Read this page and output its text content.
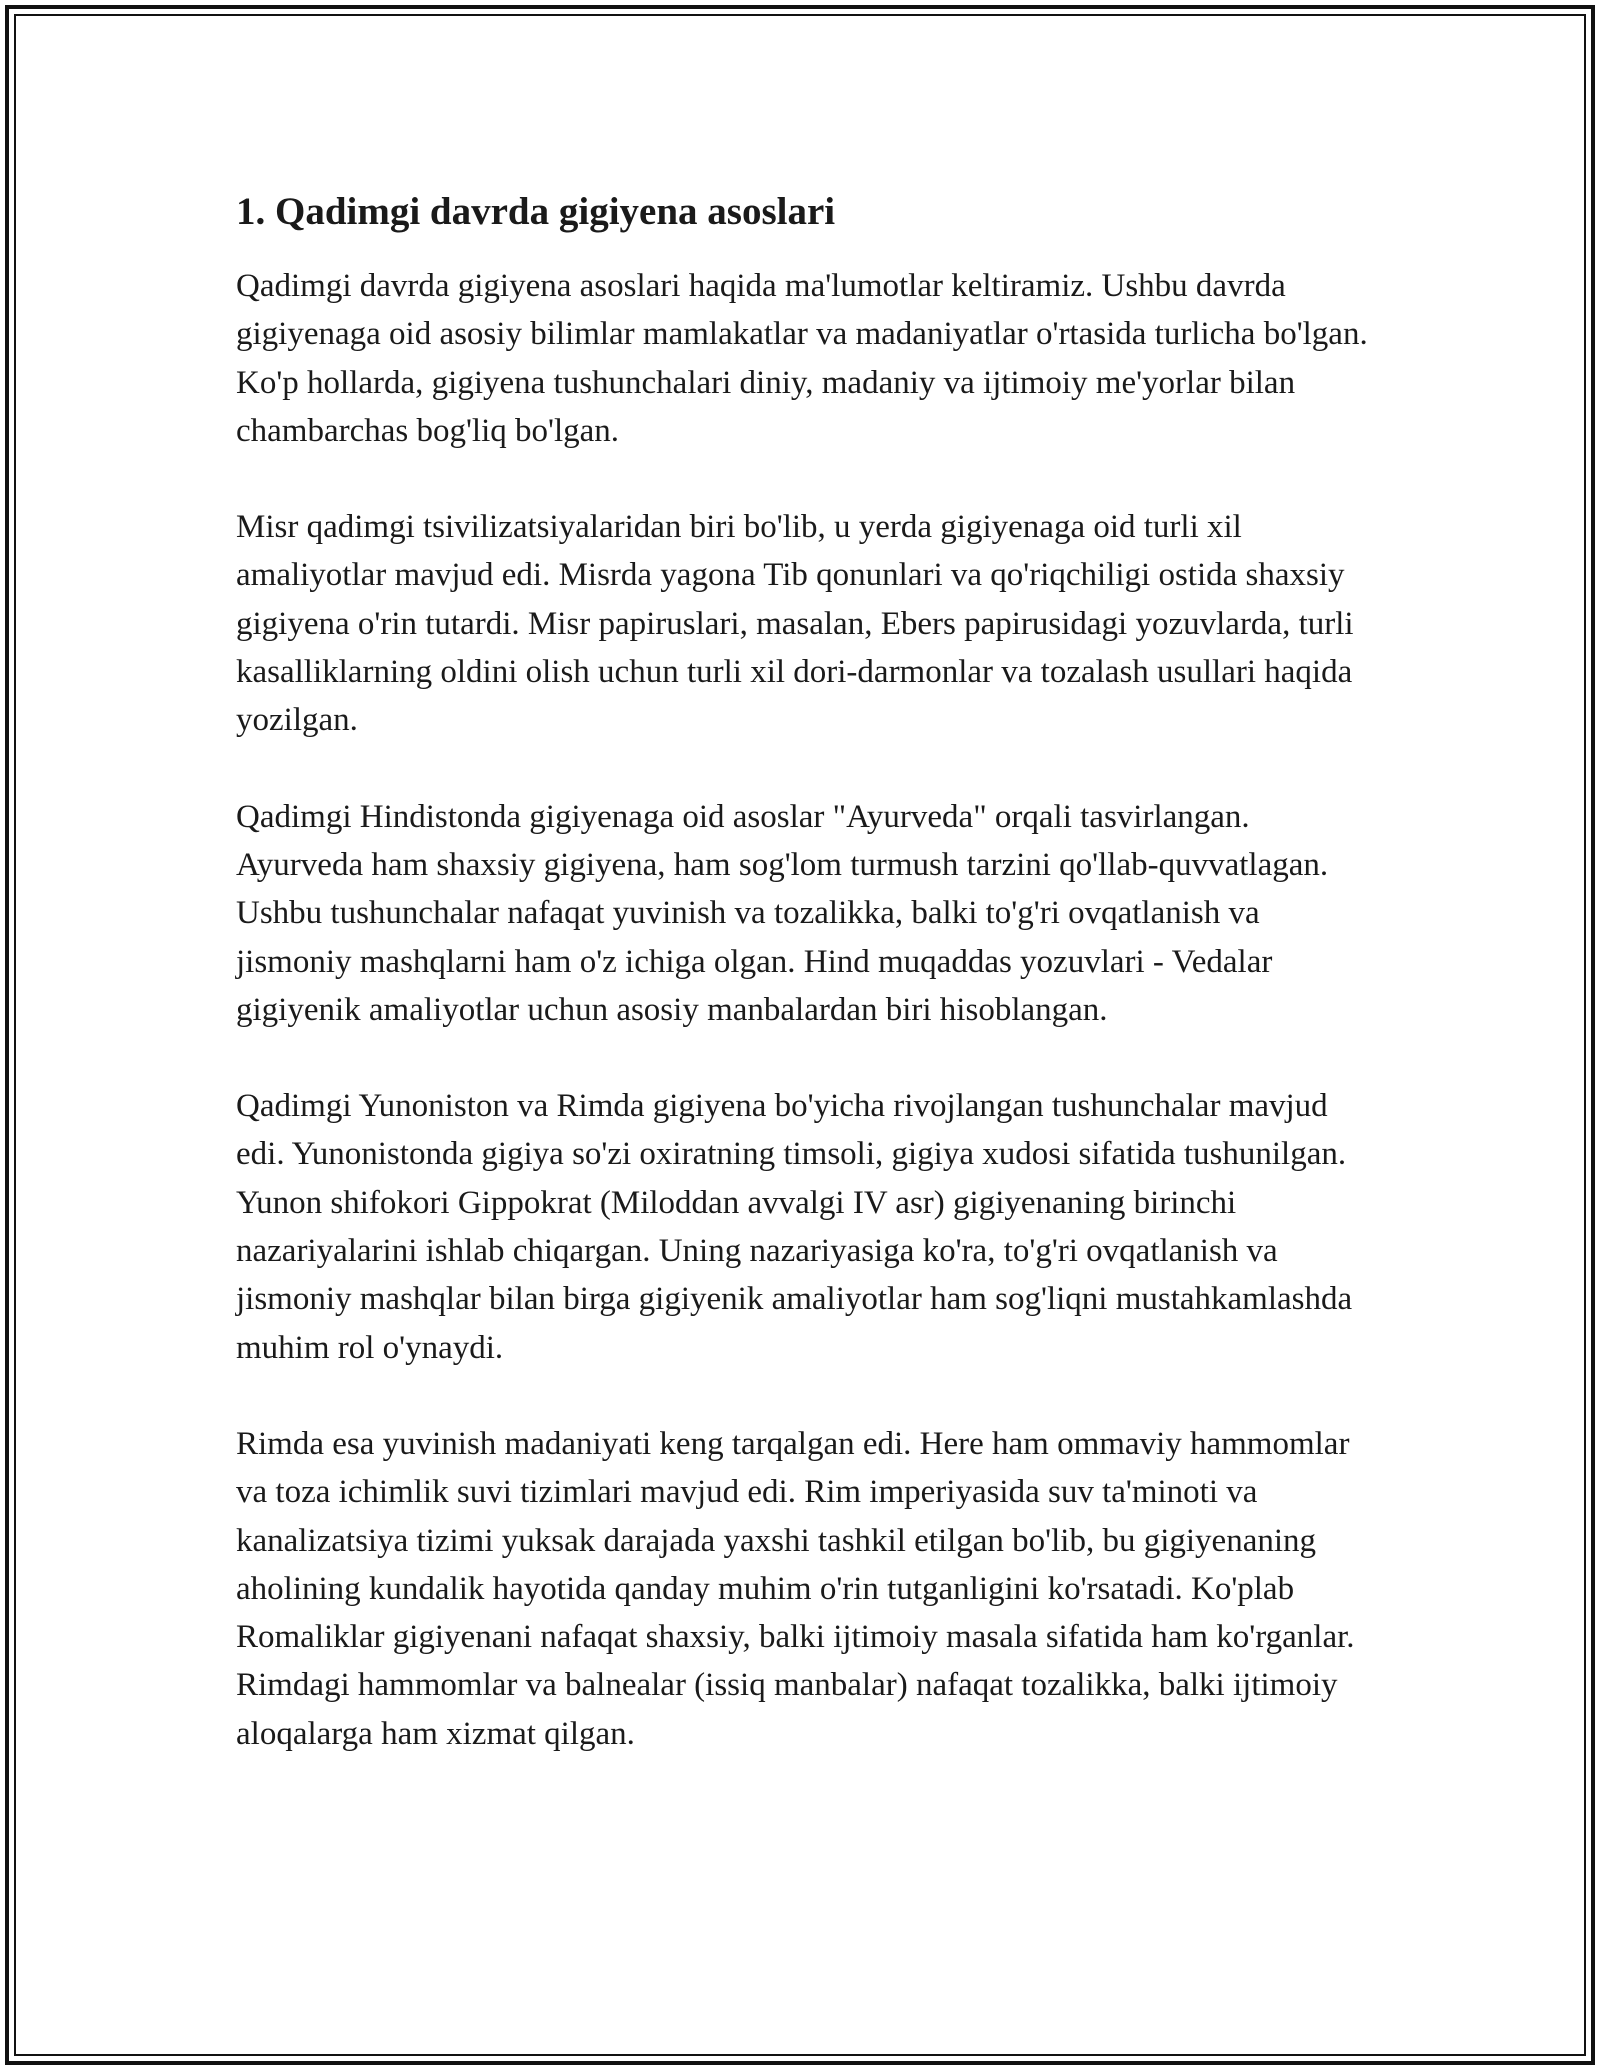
1. Qadimgi davrda gigiyena asoslari

Qadimgi davrda gigiyena asoslari haqida ma'lumotlar keltiramiz. Ushbu davrda gigiyenaga oid asosiy bilimlar mamlakatlar va madaniyatlar o'rtasida turlicha bo'lgan. Ko'p hollarda, gigiyena tushunchalari diniy, madaniy va ijtimoiy me'yorlar bilan chambarchas bog'liq bo'lgan.

Misr qadimgi tsivilizatsiyalaridan biri bo'lib, u yerda gigiyenaga oid turli xil amaliyotlar mavjud edi. Misrda yagona Tib qonunlari va qo'riqchiligi ostida shaxsiy gigiyena o'rin tutardi. Misr papiruslari, masalan, Ebers papirusidagi yozuvlarda, turli kasalliklarning oldini olish uchun turli xil dori-darmonlar va tozalash usullari haqida yozilgan.

Qadimgi Hindistonda gigiyenaga oid asoslar "Ayurveda" orqali tasvirlangan. Ayurveda ham shaxsiy gigiyena, ham sog'lom turmush tarzini qo'llab-quvvatlagan. Ushbu tushunchalar nafaqat yuvinish va tozalikka, balki to'g'ri ovqatlanish va jismoniy mashqlarni ham o'z ichiga olgan. Hind muqaddas yozuvlari - Vedalar gigiyenik amaliyotlar uchun asosiy manbalardan biri hisoblangan.

Qadimgi Yunoniston va Rimda gigiyena bo'yicha rivojlangan tushunchalar mavjud edi. Yunonistonda gigiya so'zi oxiratning timsoli, gigiya xudosi sifatida tushunilgan. Yunon shifokori Gippokrat (Miloddan avvalgi IV asr) gigiyenaning birinchi nazariyalarini ishlab chiqargan. Uning nazariyasiga ko'ra, to'g'ri ovqatlanish va jismoniy mashqlar bilan birga gigiyenik amaliyotlar ham sog'liqni mustahkamlashda muhim rol o'ynaydi.

Rimda esa yuvinish madaniyati keng tarqalgan edi. Here ham ommaviy hammomlar va toza ichimlik suvi tizimlari mavjud edi. Rim imperiyasida suv ta'minoti va kanalizatsiya tizimi yuksak darajada yaxshi tashkil etilgan bo'lib, bu gigiyenaning aholining kundalik hayotida qanday muhim o'rin tutganligini ko'rsatadi. Ko'plab Romaliklar gigiyenani nafaqat shaxsiy, balki ijtimoiy masala sifatida ham ko'rganlar. Rimdagi hammomlar va balnealar (issiq manbalar) nafaqat tozalikka, balki ijtimoiy aloqalarga ham xizmat qilgan.
